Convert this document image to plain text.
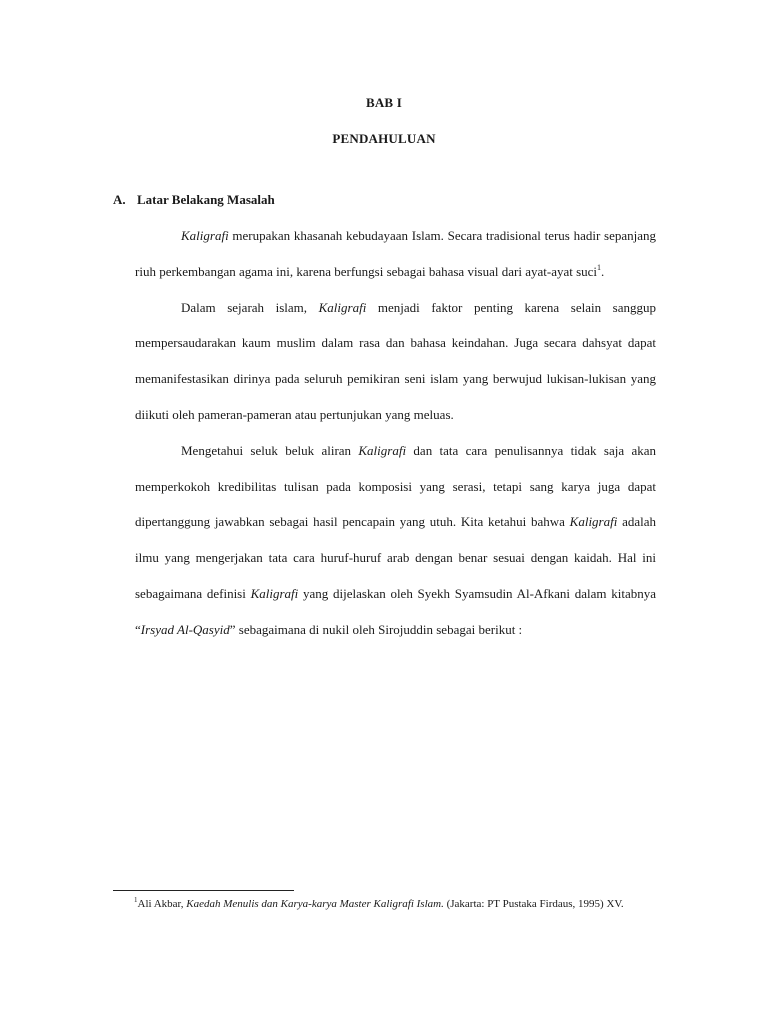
BAB I
PENDAHULUAN
A. Latar Belakang Masalah

Kaligrafi merupakan khasanah kebudayaan Islam. Secara tradisional terus hadir sepanjang riuh perkembangan agama ini, karena berfungsi sebagai bahasa visual dari ayat-ayat suci$^1$.

Dalam sejarah islam, Kaligrafi menjadi faktor penting karena selain sanggup mempersaudarakan kaum muslim dalam rasa dan bahasa keindahan. Juga secara dahsyat dapat memanifestasikan dirinya pada seluruh pemikiran seni islam yang berwujud lukisan-lukisan yang diikuti oleh pameran-pameran atau pertunjukan yang meluas.

Mengetahui seluk beluk aliran Kaligrafi dan tata cara penulisannya tidak saja akan memperkokoh kredibilitas tulisan pada komposisi yang serasi, tetapi sang karya juga dapat dipertanggung jawabkan sebagai hasil pencapain yang utuh. Kita ketahui bahwa Kaligrafi adalah ilmu yang mengerjakan tata cara huruf-huruf arab dengan benar sesuai dengan kaidah. Hal ini sebagaimana definisi Kaligrafi yang dijelaskan oleh Syekh Syamsudin Al-Afkani dalam kitabnya “Irsyad Al-Qasyid” sebagaimana di nukil oleh Sirojuddin sebagai berikut :

$^1$Ali Akbar, Kaedah Menulis dan Karya-karya Master Kaligrafi Islam. (Jakarta: PT Pustaka Firdaus, 1995) XV.
